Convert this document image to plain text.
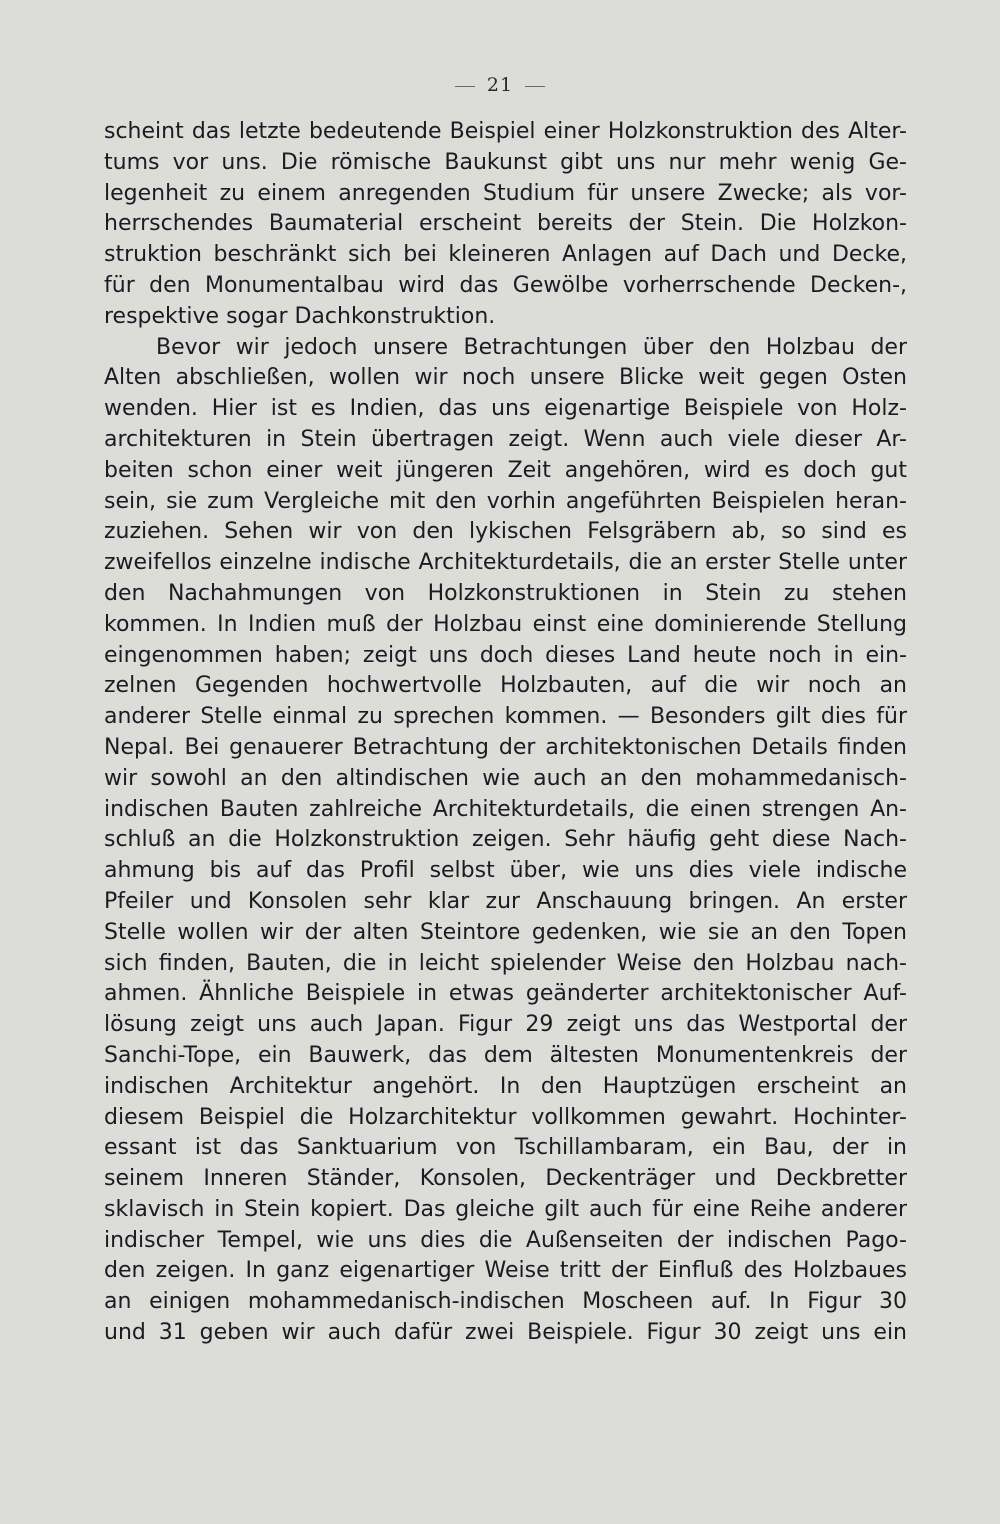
21
scheint das letzte bedeutende Beispiel einer Holzkonstruktion des Alter-
tums vor uns. Die römische Baukunst gibt uns nur mehr wenig Ge-
legenheit zu einem anregenden Studium für unsere Zwecke; als vor-
herrschendes Baumaterial erscheint bereits der Stein. Die Holzkon-
struktion beschränkt sich bei kleineren Anlagen auf Dach und Decke,
für den Monumentalbau wird das Gewölbe vorherrschende Decken-,
respektive sogar Dachkonstruktion.
Bevor wir jedoch unsere Betrachtungen über den Holzbau der
Alten abschließen, wollen wir noch unsere Blicke weit gegen Osten
wenden. Hier ist es Indien, das uns eigenartige Beispiele von Holz-
architekturen in Stein übertragen zeigt. Wenn auch viele dieser Ar-
beiten schon einer weit jüngeren Zeit angehören, wird es doch gut
sein, sie zum Vergleiche mit den vorhin angeführten Beispielen heran-
zuziehen. Sehen wir von den lykischen Felsgräbern ab, so sind es
zweifellos einzelne indische Architekturdetails, die an erster Stelle unter
den Nachahmungen von Holzkonstruktionen in Stein zu stehen
kommen. In Indien muß der Holzbau einst eine dominierende Stellung
eingenommen haben; zeigt uns doch dieses Land heute noch in ein-
zelnen Gegenden hochwertvolle Holzbauten, auf die wir noch an
anderer Stelle einmal zu sprechen kommen. — Besonders gilt dies für
Nepal. Bei genauerer Betrachtung der architektonischen Details finden
wir sowohl an den altindischen wie auch an den mohammedanisch-
indischen Bauten zahlreiche Architekturdetails, die einen strengen An-
schluß an die Holzkonstruktion zeigen. Sehr häufig geht diese Nach-
ahmung bis auf das Profil selbst über, wie uns dies viele indische
Pfeiler und Konsolen sehr klar zur Anschauung bringen. An erster
Stelle wollen wir der alten Steintore gedenken, wie sie an den Topen
sich finden, Bauten, die in leicht spielender Weise den Holzbau nach-
ahmen. Ähnliche Beispiele in etwas geänderter architektonischer Auf-
lösung zeigt uns auch Japan. Figur 29 zeigt uns das Westportal der
Sanchi-Tope, ein Bauwerk, das dem ältesten Monumentenkreis der
indischen Architektur angehört. In den Hauptzügen erscheint an
diesem Beispiel die Holzarchitektur vollkommen gewahrt. Hochinter-
essant ist das Sanktuarium von Tschillambaram, ein Bau, der in
seinem Inneren Ständer, Konsolen, Deckenträger und Deckbretter
sklavisch in Stein kopiert. Das gleiche gilt auch für eine Reihe anderer
indischer Tempel, wie uns dies die Außenseiten der indischen Pago-
den zeigen. In ganz eigenartiger Weise tritt der Einfluß des Holzbaues
an einigen mohammedanisch-indischen Moscheen auf. In Figur 30
und 31 geben wir auch dafür zwei Beispiele. Figur 30 zeigt uns ein
